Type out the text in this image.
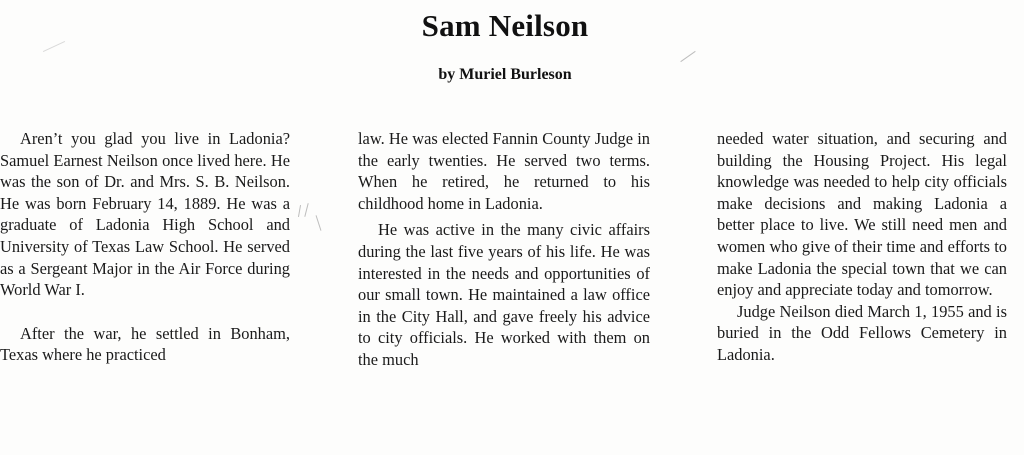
Sam Neilson
by Muriel Burleson

Aren’t you glad you live in Ladonia? Samuel Earnest Neilson once lived here. He was the son of Dr. and Mrs. S. B. Neilson. He was born February 14, 1889. He was a graduate of Ladonia High School and University of Texas Law School. He served as a Sergeant Major in the Air Force during World War I.

After the war, he settled in Bonham, Texas where he practiced

law. He was elected Fannin County Judge in the early twenties. He served two terms. When he retired, he returned to his childhood home in Ladonia.

He was active in the many civic affairs during the last five years of his life. He was interested in the needs and opportunities of our small town. He maintained a law office in the City Hall, and gave freely his advice to city officials. He worked with them on the much

needed water situation, and securing and building the Housing Project. His legal knowledge was needed to help city officials make decisions and making Ladonia a better place to live. We still need men and women who give of their time and efforts to make Ladonia the special town that we can enjoy and appreciate today and tomorrow.

Judge Neilson died March 1, 1955 and is buried in the Odd Fellows Cemetery in Ladonia.
